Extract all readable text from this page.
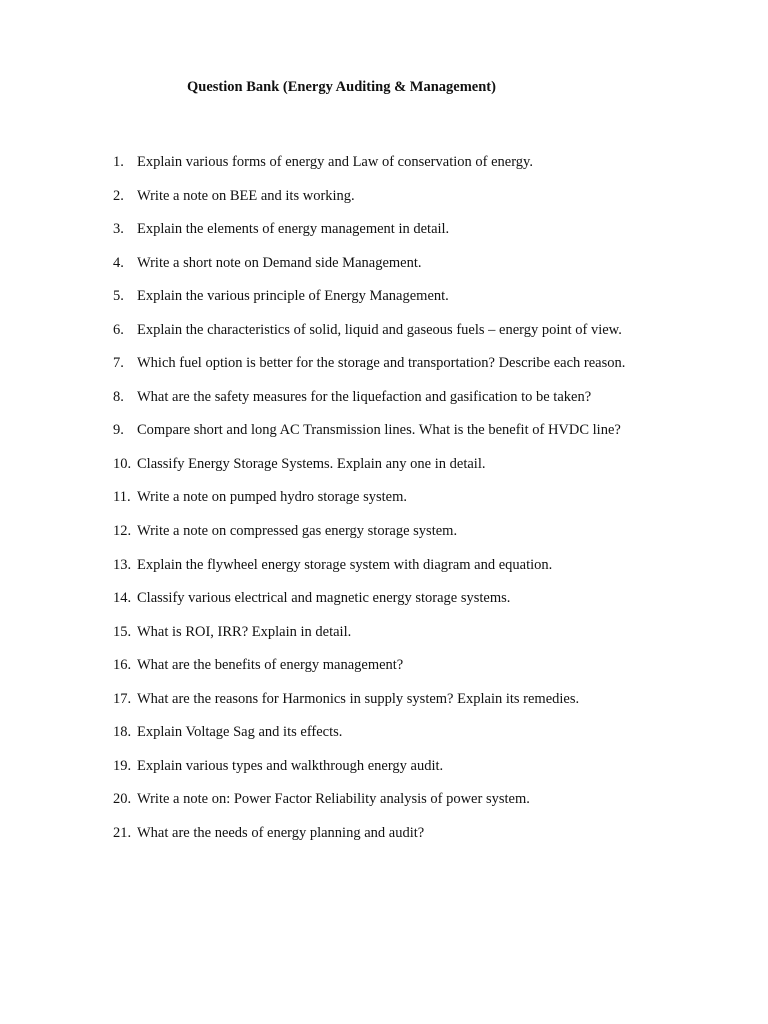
Question Bank (Energy Auditing & Management)
1. Explain various forms of energy and Law of conservation of energy.
2. Write a note on BEE and its working.
3. Explain the elements of energy management in detail.
4. Write a short note on Demand side Management.
5. Explain the various principle of Energy Management.
6. Explain the characteristics of solid, liquid and gaseous fuels – energy point of view.
7. Which fuel option is better for the storage and transportation? Describe each reason.
8. What are the safety measures for the liquefaction and gasification to be taken?
9. Compare short and long AC Transmission lines. What is the benefit of HVDC line?
10. Classify Energy Storage Systems. Explain any one in detail.
11. Write a note on pumped hydro storage system.
12. Write a note on compressed gas energy storage system.
13. Explain the flywheel energy storage system with diagram and equation.
14. Classify various electrical and magnetic energy storage systems.
15. What is ROI, IRR? Explain in detail.
16. What are the benefits of energy management?
17. What are the reasons for Harmonics in supply system? Explain its remedies.
18. Explain Voltage Sag and its effects.
19. Explain various types and walkthrough energy audit.
20. Write a note on: Power Factor Reliability analysis of power system.
21. What are the needs of energy planning and audit?
